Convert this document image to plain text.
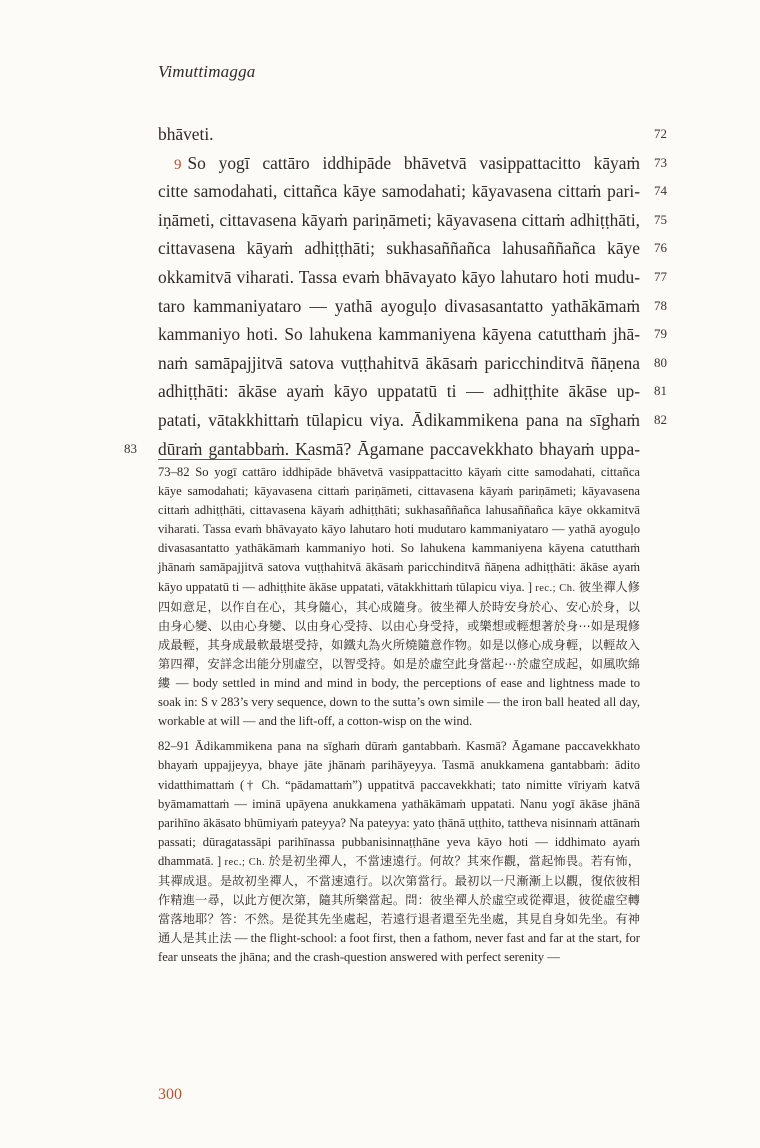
Vimuttimagga
bhāveti.	72
9 So yogī cattāro iddhipāde bhāvetvā vasippattacitto kāyaṁ 73
citte samodahati, cittañca kāye samodahati; kāyavasena cittaṁ pari- 74
iṇāmeti, cittavasena kāyaṁ pariṇāmeti; kāyavasena cittaṁ adhiṭṭhāti, 75
cittavasena kāyaṁ adhiṭṭhāti; sukhasaññañca lahusaññañca kāye 76
okkamitvā viharati. Tassa evaṁ bhāvayato kāyo lahutaro hoti mudu- 77
taro kammaniyataro — yathā ayoguḷo divasasantatto yathākāmaṁ 78
kammaniyo hoti. So lahukena kammaniyena kāyena catutthaṁ jhā- 79
naṁ samāpajjitvā satova vuṭṭhahitvā ākāsaṁ paricchinditvā ñāṇena 80
adhiṭṭhāti: ākāse ayaṁ kāyo uppatatū ti — adhiṭṭhite ākāse up- 81
patati, vātakkhittaṁ tūlapicu viya. Ādikammikena pana na sīghaṁ 82
83 dūraṁ gantabbaṁ. Kasmā? Āgamane paccavekkhato bhayaṁ uppa-

73–82 So yogī cattāro iddhipāde bhāvetvā vasippattacitto kāyaṁ citte samodahati, cittañca kāye samodahati; kāyavasena cittaṁ pariṇāmeti, cittavasena kāyaṁ pariṇāmeti; kāyavasena cittaṁ adhiṭṭhāti, cittavasena kāyaṁ adhiṭṭhāti; sukhasaññañca lahusaññañca kāye okkamitvā viharati. Tassa evaṁ bhāvayato kāyo lahutaro hoti mudutaro kammaniyataro — yathā ayoguḷo divasasantatto yathākāmaṁ kammaniyo hoti. So lahukena kammaniyena kāyena catutthaṁ jhānaṁ samāpajjitvā satova vuṭṭhahitvā ākāsaṁ paricchinditvā ñāṇena adhiṭṭhāti: ākāse ayaṁ kāyo uppatatū ti — adhiṭṭhite ākāse uppatati, vātakkhittaṁ tūlapicu viya. ] rec.; Ch. 彼坐禪人修四如意足，以作自在心，其身隨心，其心成隨身。彼坐禪人於時安身於心、安心於身，以由身心變、以由心身變、以由身心受持、以由心身受持，或樂想或輕想著於身⋯如是現修成最輕，其身成最軟最堪受持，如鐵丸為火所燒隨意作物。如是以修心成身輕，以輕故入第四禪，安詳念出能分別虛空，以智受持。如是於虛空此身當起⋯於虛空成起，如風吹綿縷 — body settled in mind and mind in body, the perceptions of ease and lightness made to soak in: S v 283’s very sequence, down to the sutta’s own simile — the iron ball heated all day, workable at will — and the lift-off, a cotton-wisp on the wind.

82–91 Ādikammikena pana na sīghaṁ dūraṁ gantabbaṁ. Kasmā? Āgamane paccavekkhato bhayaṁ uppajjeyya, bhaye jāte jhānaṁ parihāyeyya. Tasmā anukkamena gantabbaṁ: ādito vidatthimattaṁ († Ch. “pādamattaṁ”) uppatitvā paccavekkhati; tato nimitte vīriyaṁ katvā byāmamattaṁ — iminā upāyena anukkamena yathākāmaṁ uppatati. Nanu yogī ākāse jhānā parihīno ākāsato bhūmiyaṁ pateyya? Na pateyya: yato ṭhānā uṭṭhito, tattheva nisinnaṁ attānaṁ passati; dūragatassāpi parihīnassa pubbanisinnaṭṭhāne yeva kāyo hoti — iddhimato ayaṁ dhammatā. ] rec.; Ch. 於是初坐禪人，不當速遠行。何故？其來作觀，當起怖畏。若有怖，其禪成退。是故初坐禪人，不當速遠行。以次第當行。最初以一尺漸漸上以觀，復依彼相作精進一尋，以此方便次第，隨其所樂當起。問：彼坐禪人於虛空或從禪退，彼從虛空轉當落地耶？答：不然。是從其先坐處起，若遠行退者還至先坐處，其見自身如先坐。有神通人是其止法 — the flight-school: a foot first, then a fathom, never fast and far at the start, for fear unseats the jhāna; and the crash-question answered with perfect serenity —

300
